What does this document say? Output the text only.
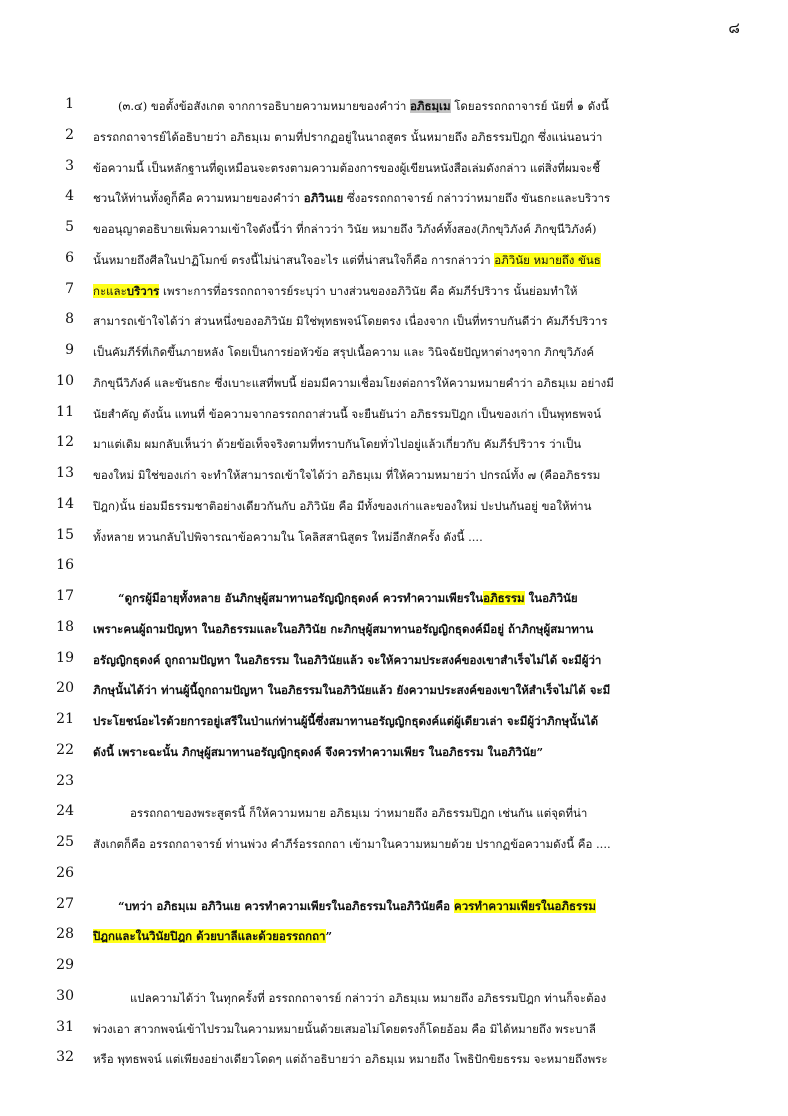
๘
1	(๓.๔) ขอตั้งข้อสังเกต จากการอธิบายความหมายของคำว่า อภิธมฺเม โดยอรรถกถาจารย์ นัยที่ ๑ ดังนี้
2 อรรถกถาจารย์ได้อธิบายว่า อภิธมฺเม ตามที่ปรากฏอยู่ในนาถสูตร นั้นหมายถึง อภิธรรมปิฎก ซึ่งแน่นอนว่า
3 ข้อความนี้ เป็นหลักฐานที่ดูเหมือนจะตรงตามความต้องการของผู้เขียนหนังสือเล่มดังกล่าว แต่สิ่งที่ผมจะชี้
4 ชวนให้ท่านทั้งดูก็คือ ความหมายของคำว่า อภิวินเย ซึ่งอรรถกถาจารย์ กล่าวว่าหมายถึง ขันธกะและบริวาร
5 ขออนุญาตอธิบายเพิ่มความเข้าใจดังนี้ว่า ที่กล่าวว่า วินัย หมายถึง วิภังค์ทั้งสอง(ภิกขุวิภังค์ ภิกขุนีวิภังค์)
6 นั้นหมายถึงศีลในปาฏิโมกข์ ตรงนี้ไม่น่าสนใจอะไร แต่ที่น่าสนใจก็คือ การกล่าวว่า อภิวินัย หมายถึง ขันธ
7 กะและบริวาร เพราะการที่อรรถกถาจารย์ระบุว่า บางส่วนของอภิวินัย คือ คัมภีร์ปริวาร นั้นย่อมทำให้
8 สามารถเข้าใจได้ว่า ส่วนหนึ่งของอภิวินัย มิใช่พุทธพจน์โดยตรง เนื่องจาก เป็นที่ทราบกันดีว่า คัมภีร์ปริวาร
9 เป็นคัมภีร์ที่เกิดขึ้นภายหลัง โดยเป็นการย่อหัวข้อ สรุปเนื้อความ และ วินิจฉัยปัญหาต่างๆจาก ภิกขุวิภังค์
10 ภิกขุนีวิภังค์ และขันธกะ ซึ่งเบาะแสที่พบนี้ ย่อมมีความเชื่อมโยงต่อการให้ความหมายคำว่า อภิธมฺเม อย่างมี
11 นัยสำคัญ ดังนั้น แทนที่ ข้อความจากอรรถกถาส่วนนี้ จะยืนยันว่า อภิธรรมปิฎก เป็นของเก่า เป็นพุทธพจน์
12 มาแต่เดิม ผมกลับเห็นว่า ด้วยข้อเท็จจริงตามที่ทราบกันโดยทั่วไปอยู่แล้วเกี่ยวกับ คัมภีร์ปริวาร ว่าเป็น
13 ของใหม่ มิใช่ของเก่า จะทำให้สามารถเข้าใจได้ว่า อภิธมฺเม ที่ให้ความหมายว่า ปกรณ์ทั้ง ๗ (คืออภิธรรม
14 ปิฎก)นั้น ย่อมมีธรรมชาติอย่างเดียวกันกับ อภิวินัย คือ มีทั้งของเก่าและของใหม่ ปะปนกันอยู่ ขอให้ท่าน
15 ทั้งหลาย หวนกลับไปพิจารณาข้อความใน โคลิสสานิสูตร ใหม่อีกสักครั้ง ดังนี้ ....
16
17	“ดูกรผู้มีอายุทั้งหลาย อันภิกษุผู้สมาทานอรัญญิกธุดงค์ ควรทำความเพียรในอภิธรรม ในอภิวินัย
18 เพราะคนผู้ถามปัญหา ในอภิธรรมและในอภิวินัย กะภิกษุผู้สมาทานอรัญญิกธุดงค์มีอยู่ ถ้าภิกษุผู้สมาทาน
19 อรัญญิกธุดงค์ ถูกถามปัญหา ในอภิธรรม ในอภิวินัยแล้ว จะให้ความประสงค์ของเขาสำเร็จไม่ได้ จะมีผู้ว่า
20 ภิกษุนั้นได้ว่า ท่านผู้นี้ถูกถามปัญหา ในอภิธรรมในอภิวินัยแล้ว ยังความประสงค์ของเขาให้สำเร็จไม่ได้ จะมี
21 ประโยชน์อะไรด้วยการอยู่เสรีในป่าแก่ท่านผู้นี้ซึ่งสมาทานอรัญญิกธุดงค์แต่ผู้เดียวเล่า จะมีผู้ว่าภิกษุนั้นได้
22 ดังนี้ เพราะฉะนั้น ภิกษุผู้สมาทานอรัญญิกธุดงค์ จึงควรทำความเพียร ในอภิธรรม ในอภิวินัย”
23
24	อรรถกถาของพระสูตรนี้ ก็ให้ความหมาย อภิธมฺเม ว่าหมายถึง อภิธรรมปิฎก เช่นกัน แต่จุดที่น่า
25 สังเกตก็คือ อรรถกถาจารย์ ท่านพ่วง คำภีร์อรรถกถา เข้ามาในความหมายด้วย ปรากฏข้อความดังนี้ คือ ....
26
27	“บทว่า อภิธมฺเม อภิวินเย ควรทำความเพียรในอภิธรรมในอภิวินัยคือ ควรทำความเพียรในอภิธรรม
28 ปิฎกและในวินัยปิฎก ด้วยบาลีและด้วยอรรถกถา”
29
30	แปลความได้ว่า ในทุกครั้งที่ อรรถกถาจารย์ กล่าวว่า อภิธมฺเม หมายถึง อภิธรรมปิฎก ท่านก็จะต้อง
31 พ่วงเอา สาวกพจน์เข้าไปรวมในความหมายนั้นด้วยเสมอไม่โดยตรงก็โดยอ้อม คือ มิได้หมายถึง พระบาลี
32 หรือ พุทธพจน์ แต่เพียงอย่างเดียวโดดๆ แต่ถ้าอธิบายว่า อภิธมฺเม หมายถึง โพธิปักขิยธรรม จะหมายถึงพระ
